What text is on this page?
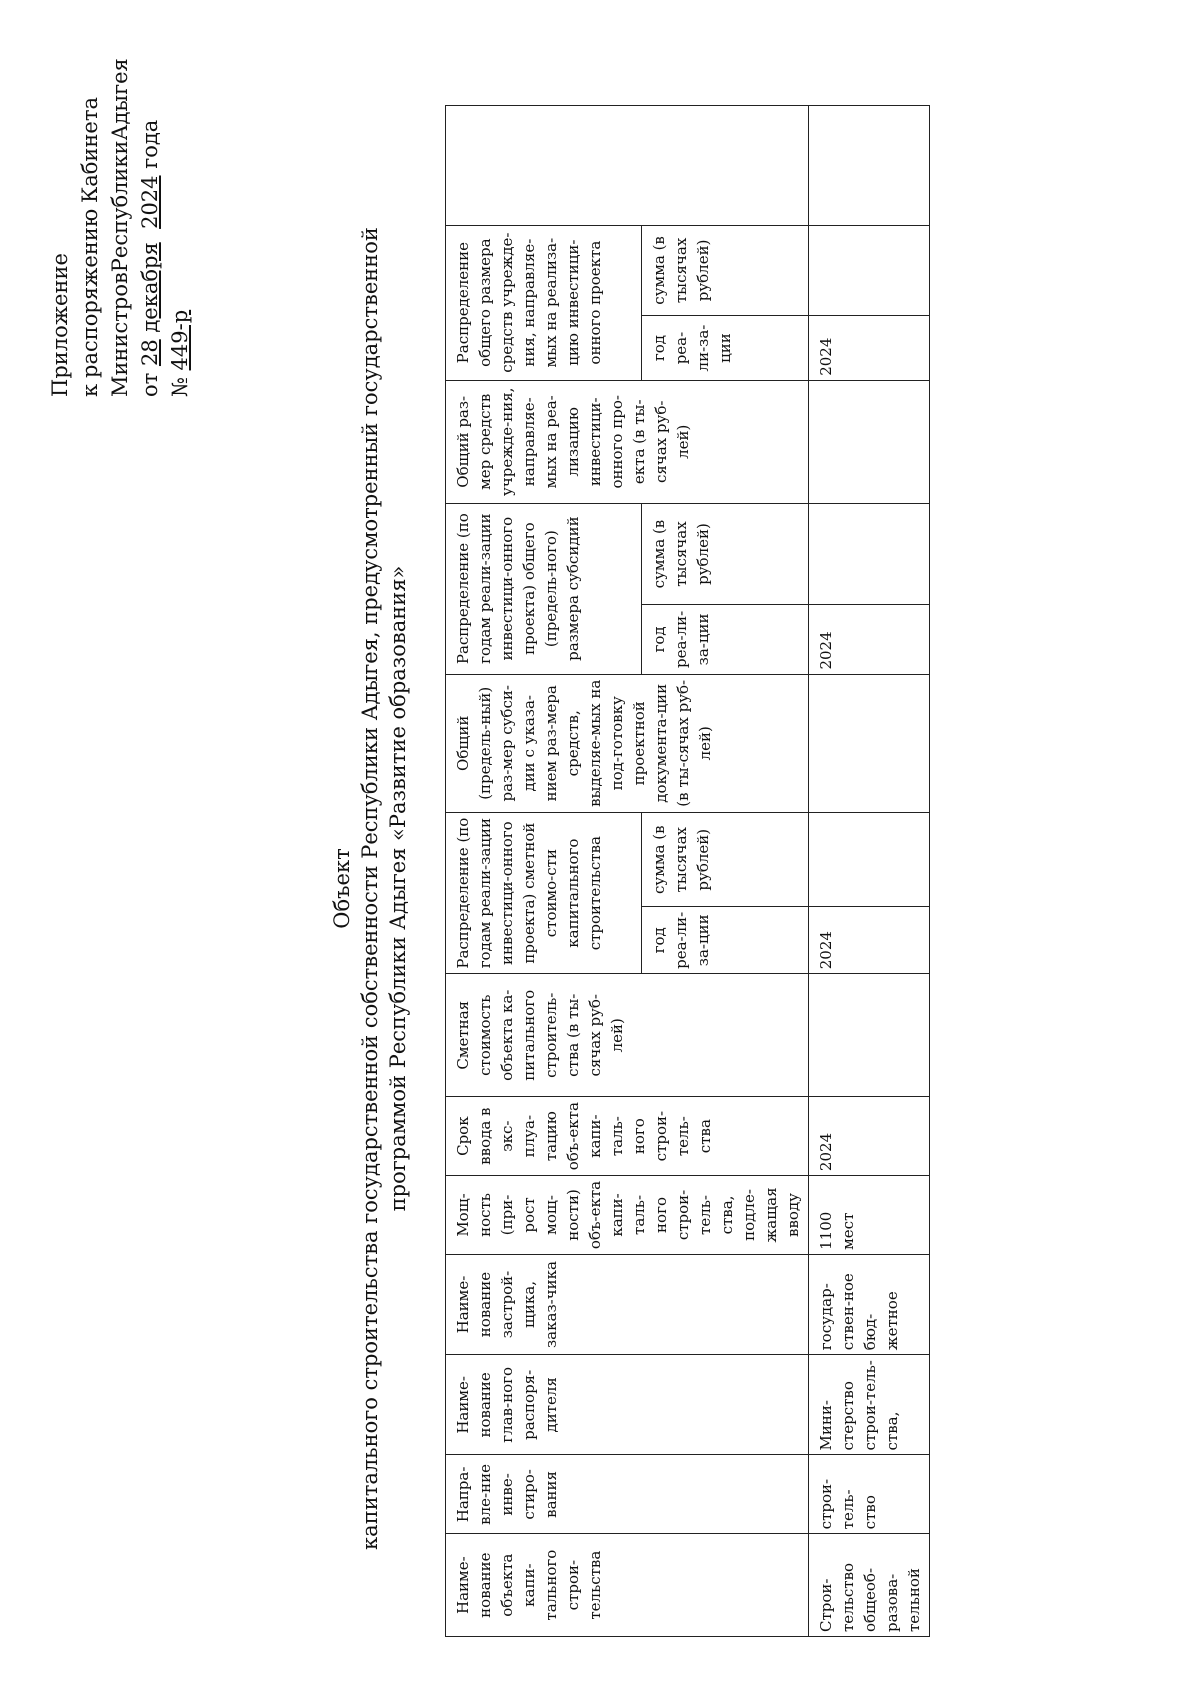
Приложение к
распоряжению
Кабинета
Министров
Республики
Адыгея
от 28 декабря  2024 года № 449-р
Объект капитального строительства государственной собственности Республики Адыгея, предусмотренный государственной программой Республики Адыгея «Развитие образования»
Наиме-нование объекта капи-тального строи-тельства	Напра-вле-ние инве-стиро-вания	Наиме-нование глав-ного распоря-дителя	Наиме-нование застрой-щика, заказ-чика	Мощ-ность (при-рост мощ-ности) объ-екта капи-таль-ного строи-тель-ства, подле-жащая вводу	Срок ввода в экс-плуа-тацию объ-екта капи-таль-ного строи-тель-ства	Сметная стоимость объекта ка-питального строитель-ства (в ты-сячах руб-лей)	Распределение (по годам реали-зации инвестици-онного проекта) сметной стоимо-сти капитального строительства		Общий (предель-ный) раз-мер субси-дии с указа-нием раз-мера средств, выделяе-мых на под-готовку проектной документа-ции (в ты-сячах руб-лей)	Распределение (по годам реали-зации инвестици-онного проекта) общего (предель-ного) размера субсидий		Общий раз-мер средств учрежде-ния, направляе-мых на реа-лизацию инвестици-онного про-екта (в ты-сячах руб-лей)	Распределение общего размера средств учрежде-ния, направляе-мых на реализа-цию инвестици-онного проекта		
							год реа-ли-за-ции	сумма (в тысячах рублей)		год реа-ли-за-ции	сумма (в тысячах рублей)		год реа-ли-за-ции	сумма (в тысячах рублей)	
Строи-тельство общеоб-разова-тельной	строи-тель-ство	Мини-стерство строи-тель-ства,	государ-ствен-ное бюд-жетное	1100 мест	2024		2024			2024			2024		
